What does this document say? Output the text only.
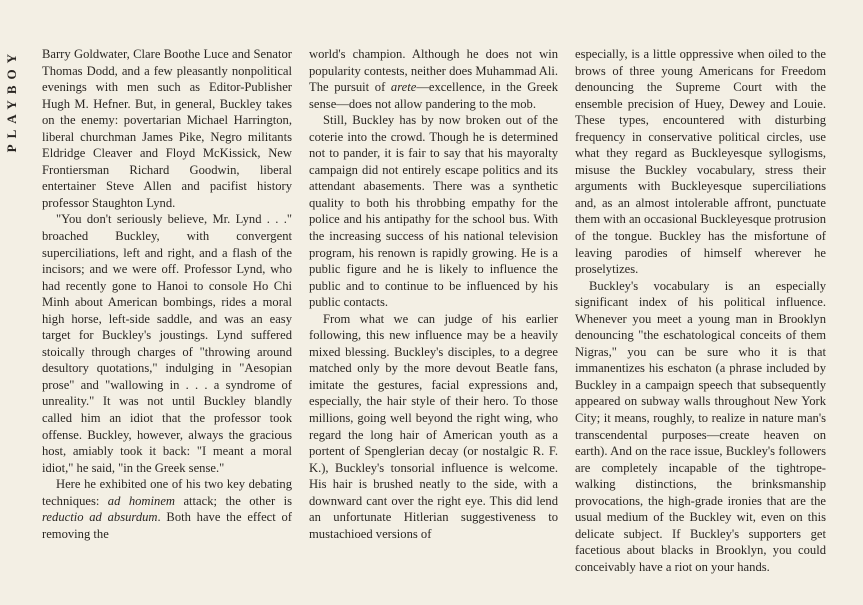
PLAYBOY	Barry Goldwater, Clare Boothe Luce and Senator Thomas Dodd, and a few pleasantly nonpolitical evenings with men such as Editor-Publisher Hugh M. Hefner. But, in general, Buckley takes on the enemy: povertarian Michael Harrington, liberal churchman James Pike, Negro militants Eldridge Cleaver and Floyd McKissick, New Frontiersman Richard Goodwin, liberal entertainer Steve Allen and pacifist history professor Staughton Lynd.

"You don't seriously believe, Mr. Lynd . . ." broached Buckley, with convergent superciliations, left and right, and a flash of the incisors; and we were off. Professor Lynd, who had recently gone to Hanoi to console Ho Chi Minh about American bombings, rides a moral high horse, left-side saddle, and was an easy target for Buckley's joustings. Lynd suffered stoically through charges of "throwing around desultory quotations," indulging in "Aesopian prose" and "wallowing in . . . a syndrome of unreality." It was not until Buckley blandly called him an idiot that the professor took offense. Buckley, however, always the gracious host, amiably took it back: "I meant a moral idiot," he said, "in the Greek sense."

Here he exhibited one of his two key debating techniques: ad hominem attack; the other is reductio ad absurdum. Both have the effect of removing the

world's champion. Although he does not win popularity contests, neither does Muhammad Ali. The pursuit of arete—excellence, in the Greek sense—does not allow pandering to the mob.

Still, Buckley has by now broken out of the coterie into the crowd. Though he is determined not to pander, it is fair to say that his mayoralty campaign did not entirely escape politics and its attendant abasements. There was a synthetic quality to both his throbbing empathy for the police and his antipathy for the school bus. With the increasing success of his national television program, his renown is rapidly growing. He is a public figure and he is likely to influence the public and to continue to be influenced by his public contacts.

From what we can judge of his earlier following, this new influence may be a heavily mixed blessing. Buckley's disciples, to a degree matched only by the more devout Beatle fans, imitate the gestures, facial expressions and, especially, the hair style of their hero. To those millions, going well beyond the right wing, who regard the long hair of American youth as a portent of Spenglerian decay (or nostalgic R. F. K.), Buckley's tonsorial influence is welcome. His hair is brushed neatly to the side, with a downward cant over the right eye. This did lend an unfortunate Hitlerian suggestiveness to mustachioed versions of

especially, is a little oppressive when oiled to the brows of three young Americans for Freedom denouncing the Supreme Court with the ensemble precision of Huey, Dewey and Louie. These types, encountered with disturbing frequency in conservative political circles, use what they regard as Buckleyesque syllogisms, misuse the Buckley vocabulary, stress their arguments with Buckleyesque superciliations and, as an almost intolerable affront, punctuate them with an occasional Buckleyesque protrusion of the tongue. Buckley has the misfortune of leaving parodies of himself wherever he proselytizes.

Buckley's vocabulary is an especially significant index of his political influence. Whenever you meet a young man in Brooklyn denouncing "the eschatological conceits of them Nigras," you can be sure who it is that immanentizes his eschaton (a phrase included by Buckley in a campaign speech that subsequently appeared on subway walls throughout New York City; it means, roughly, to realize in nature man's transcendental purposes—create heaven on earth). And on the race issue, Buckley's followers are completely incapable of the tightrope-walking distinctions, the brinksmanship provocations, the high-grade ironies that are the usual medium of the Buckley wit, even on this delicate subject. If Buckley's supporters get facetious about blacks in Brooklyn, you could conceivably have a riot on your hands.
